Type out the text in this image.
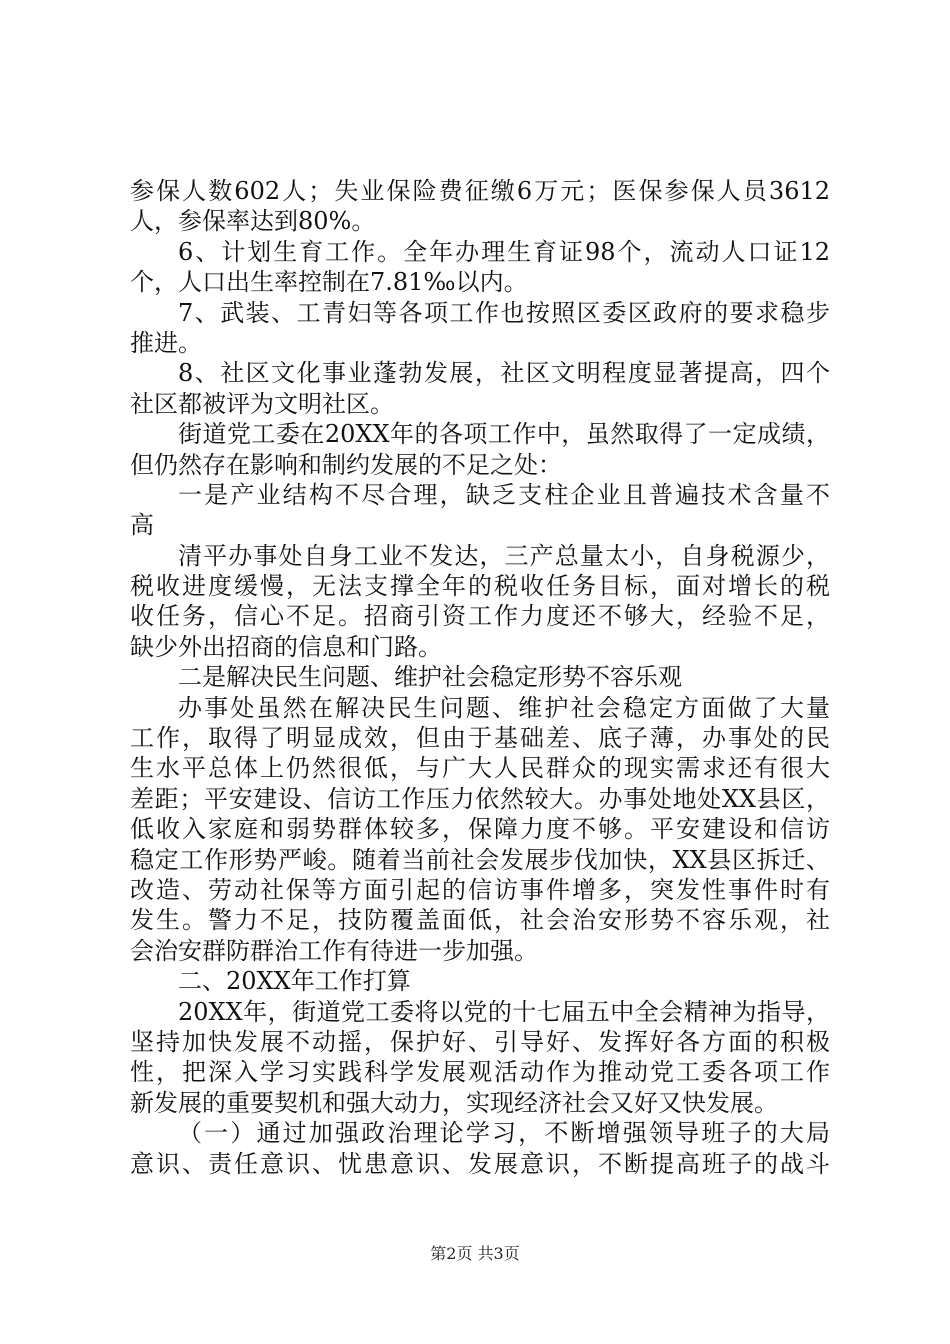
参保人数602人；失业保险费征缴6万元；医保参保人员3612
人，参保率达到80%。
6、计划生育工作。全年办理生育证98个，流动人口证12
个，人口出生率控制在7.81‰以内。
7、武装、工青妇等各项工作也按照区委区政府的要求稳步
推进。
8、社区文化事业蓬勃发展，社区文明程度显著提高，四个
社区都被评为文明社区。
街道党工委在20XX年的各项工作中，虽然取得了一定成绩，
但仍然存在影响和制约发展的不足之处：
一是产业结构不尽合理，缺乏支柱企业且普遍技术含量不
高
清平办事处自身工业不发达，三产总量太小，自身税源少，
税收进度缓慢，无法支撑全年的税收任务目标，面对增长的税
收任务，信心不足。招商引资工作力度还不够大，经验不足，
缺少外出招商的信息和门路。
二是解决民生问题、维护社会稳定形势不容乐观
办事处虽然在解决民生问题、维护社会稳定方面做了大量
工作，取得了明显成效，但由于基础差、底子薄，办事处的民
生水平总体上仍然很低，与广大人民群众的现实需求还有很大
差距；平安建设、信访工作压力依然较大。办事处地处XX县区，
低收入家庭和弱势群体较多，保障力度不够。平安建设和信访
稳定工作形势严峻。随着当前社会发展步伐加快，XX县区拆迁、
改造、劳动社保等方面引起的信访事件增多，突发性事件时有
发生。警力不足，技防覆盖面低，社会治安形势不容乐观，社
会治安群防群治工作有待进一步加强。
二、20XX年工作打算
20XX年，街道党工委将以党的十七届五中全会精神为指导，
坚持加快发展不动摇，保护好、引导好、发挥好各方面的积极
性，把深入学习实践科学发展观活动作为推动党工委各项工作
新发展的重要契机和强大动力，实现经济社会又好又快发展。
（一）通过加强政治理论学习，不断增强领导班子的大局
意识、责任意识、忧患意识、发展意识，不断提高班子的战斗
第2页 共3页
